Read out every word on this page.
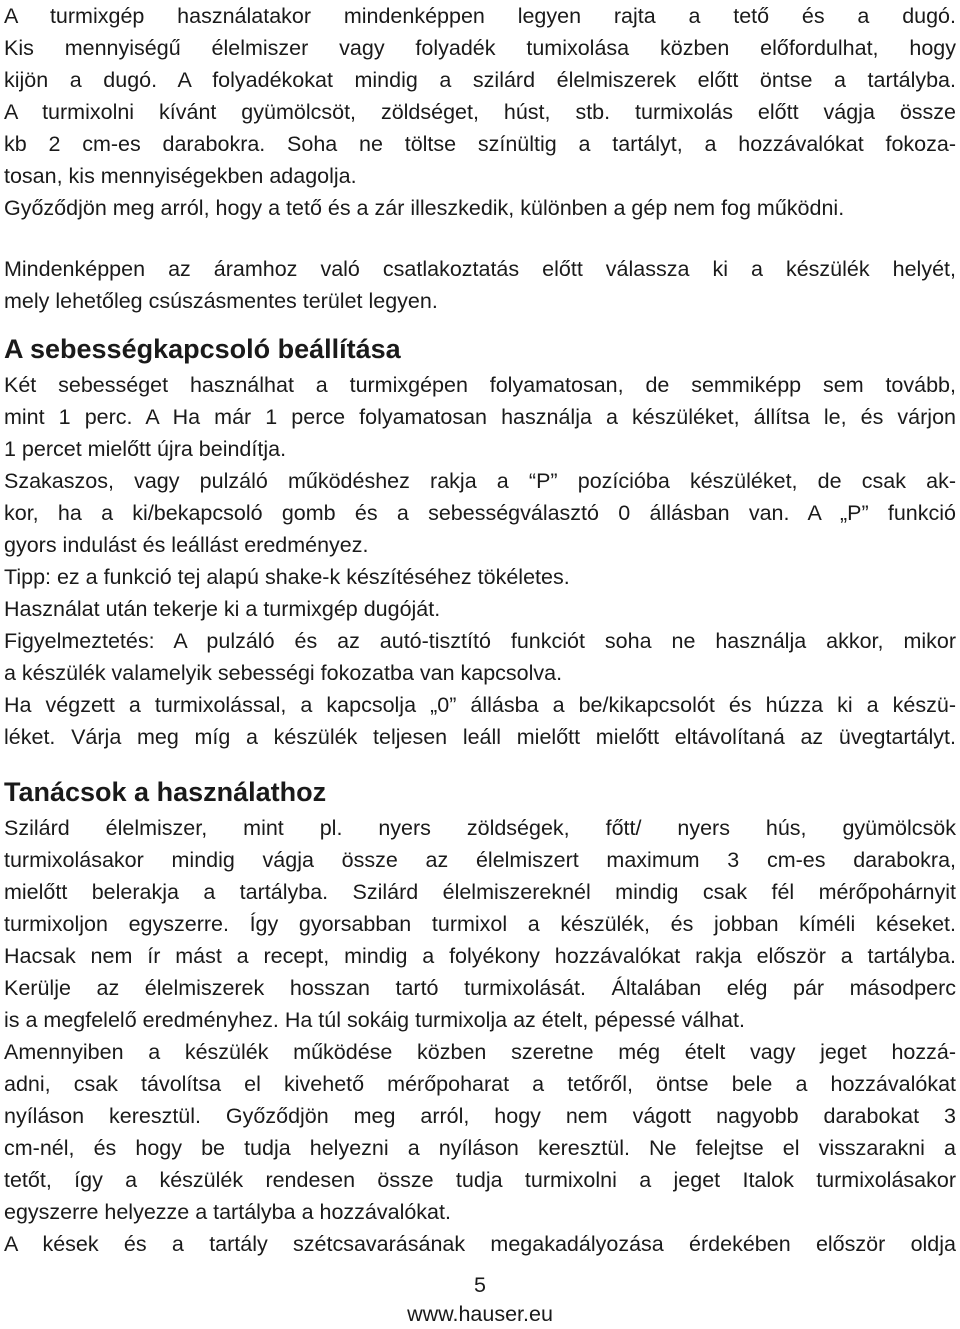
A turmixgép használatakor mindenképpen legyen rajta a tető és a dugó.
Kis mennyiségű élelmiszer vagy folyadék tumixolása közben előfordulhat, hogy
kijön a dugó. A folyadékokat mindig a szilárd élelmiszerek előtt öntse a tartályba.
A turmixolni kívánt gyümölcsöt, zöldséget, húst, stb. turmixolás előtt vágja össze
kb 2 cm-es darabokra. Soha ne töltse színültig a tartályt, a hozzávalókat fokoza-
tosan, kis mennyiségekben adagolja.
Győződjön meg arról, hogy a tető és a zár illeszkedik, különben a gép nem fog működni.
Mindenképpen az áramhoz való csatlakoztatás előtt válassza ki a készülék helyét,
mely lehetőleg csúszásmentes terület legyen.
A sebességkapcsoló beállítása
Két sebességet használhat a turmixgépen folyamatosan, de semmiképp sem tovább,
mint 1 perc. A Ha már 1 perce folyamatosan használja a készüléket, állítsa le, és várjon
1 percet mielőtt újra beindítja.
Szakaszos, vagy pulzáló működéshez rakja a “P” pozícióba készüléket, de csak ak-
kor, ha a ki/bekapcsoló gomb és a sebességválasztó 0 állásban van. A „P” funkció
gyors indulást és leállást eredményez.
Tipp: ez a funkció tej alapú shake-k készítéséhez tökéletes.
Használat után tekerje ki a turmixgép dugóját.
Figyelmeztetés: A pulzáló és az autó-tisztító funkciót soha ne használja akkor, mikor
a készülék valamelyik sebességi fokozatba van kapcsolva.
Ha végzett a turmixolással, a kapcsolja „0” állásba a be/kikapcsolót és húzza ki a készü-
léket. Várja meg míg a készülék teljesen leáll mielőtt mielőtt eltávolítaná az üvegtartályt.
Tanácsok a használathoz
Szilárd élelmiszer, mint pl. nyers zöldségek, főtt/ nyers hús, gyümölcsök
turmixolásakor mindig vágja össze az élelmiszert maximum 3 cm-es darabokra,
mielőtt belerakja a tartályba. Szilárd élelmiszereknél mindig csak fél mérőpohárnyit
turmixoljon egyszerre. Így gyorsabban turmixol a készülék, és jobban kíméli késeket.
Hacsak nem ír mást a recept, mindig a folyékony hozzávalókat rakja először a tartályba.
Kerülje az élelmiszerek hosszan tartó turmixolását. Általában elég pár másodperc
is a megfelelő eredményhez. Ha túl sokáig turmixolja az ételt, pépessé válhat.
Amennyiben a készülék működése közben szeretne még ételt vagy jeget hozzá-
adni, csak távolítsa el kivehető mérőpoharat a tetőről, öntse bele a hozzávalókat
nyíláson keresztül. Győződjön meg arról, hogy nem vágott nagyobb darabokat 3
cm-nél, és hogy be tudja helyezni a nyíláson keresztül. Ne felejtse el visszarakni a
tetőt, így a készülék rendesen össze tudja turmixolni a jeget Italok turmixolásakor
egyszerre helyezze a tartályba a hozzávalókat.
A kések és a tartály szétcsavarásának megakadályozása érdekében először oldja
5
www.hauser.eu
